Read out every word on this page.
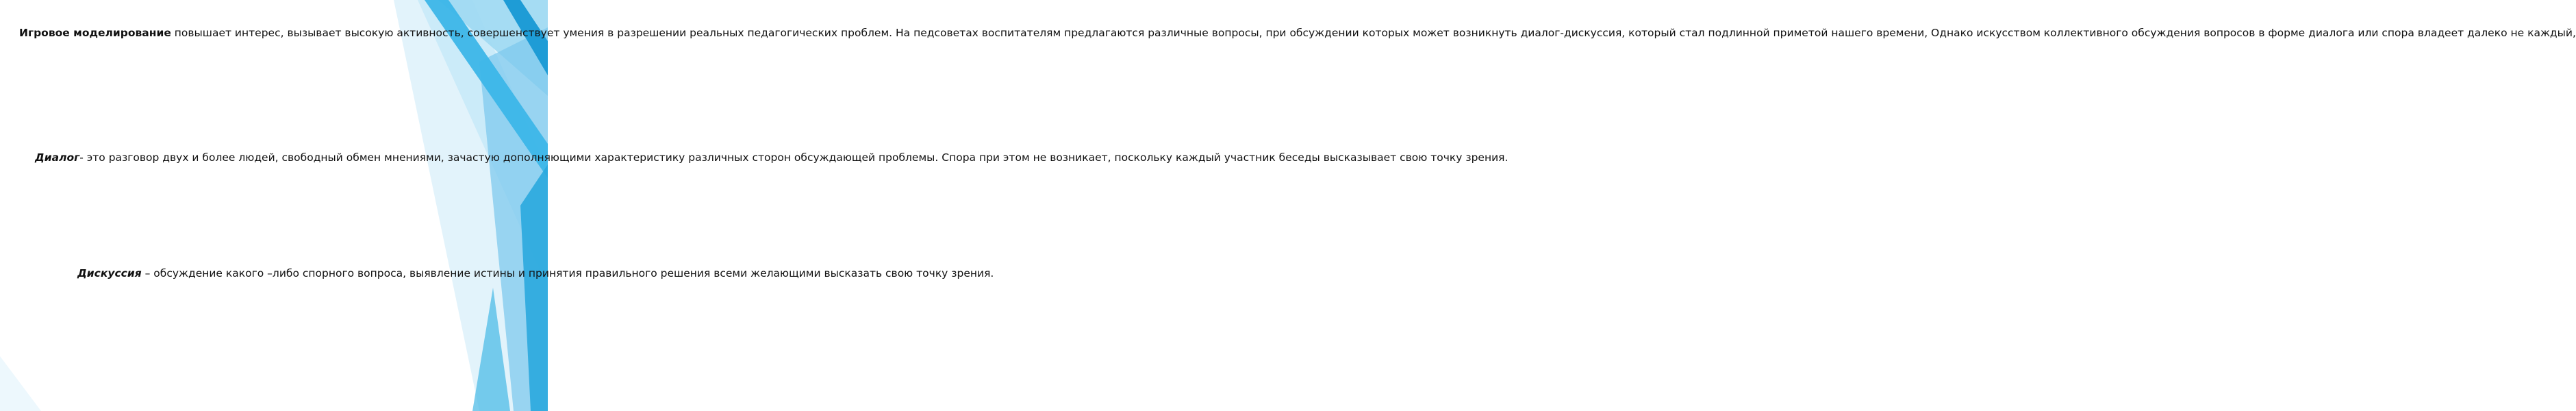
Игровое моделирование повышает интерес, вызывает высокую активность, совершенствует умения в разрешении реальных педагогических проблем. На педсоветах воспитателям предлагаются различные вопросы, при обсуждении которых может возникнуть диалог-дискуссия, который стал подлинной приметой нашего времени, Однако искусством коллективного обсуждения вопросов в форме диалога или спора владеет далеко не каждый,

Диалог- это разговор двух и более людей, свободный обмен мнениями, зачастую дополняющими характеристику различных сторон обсуждающей проблемы. Спора при этом не возникает, поскольку каждый участник беседы высказывает свою точку зрения.

Дискуссия – обсуждение какого –либо спорного вопроса, выявление истины и принятия правильного решения всеми желающими высказать свою точку зрения.
